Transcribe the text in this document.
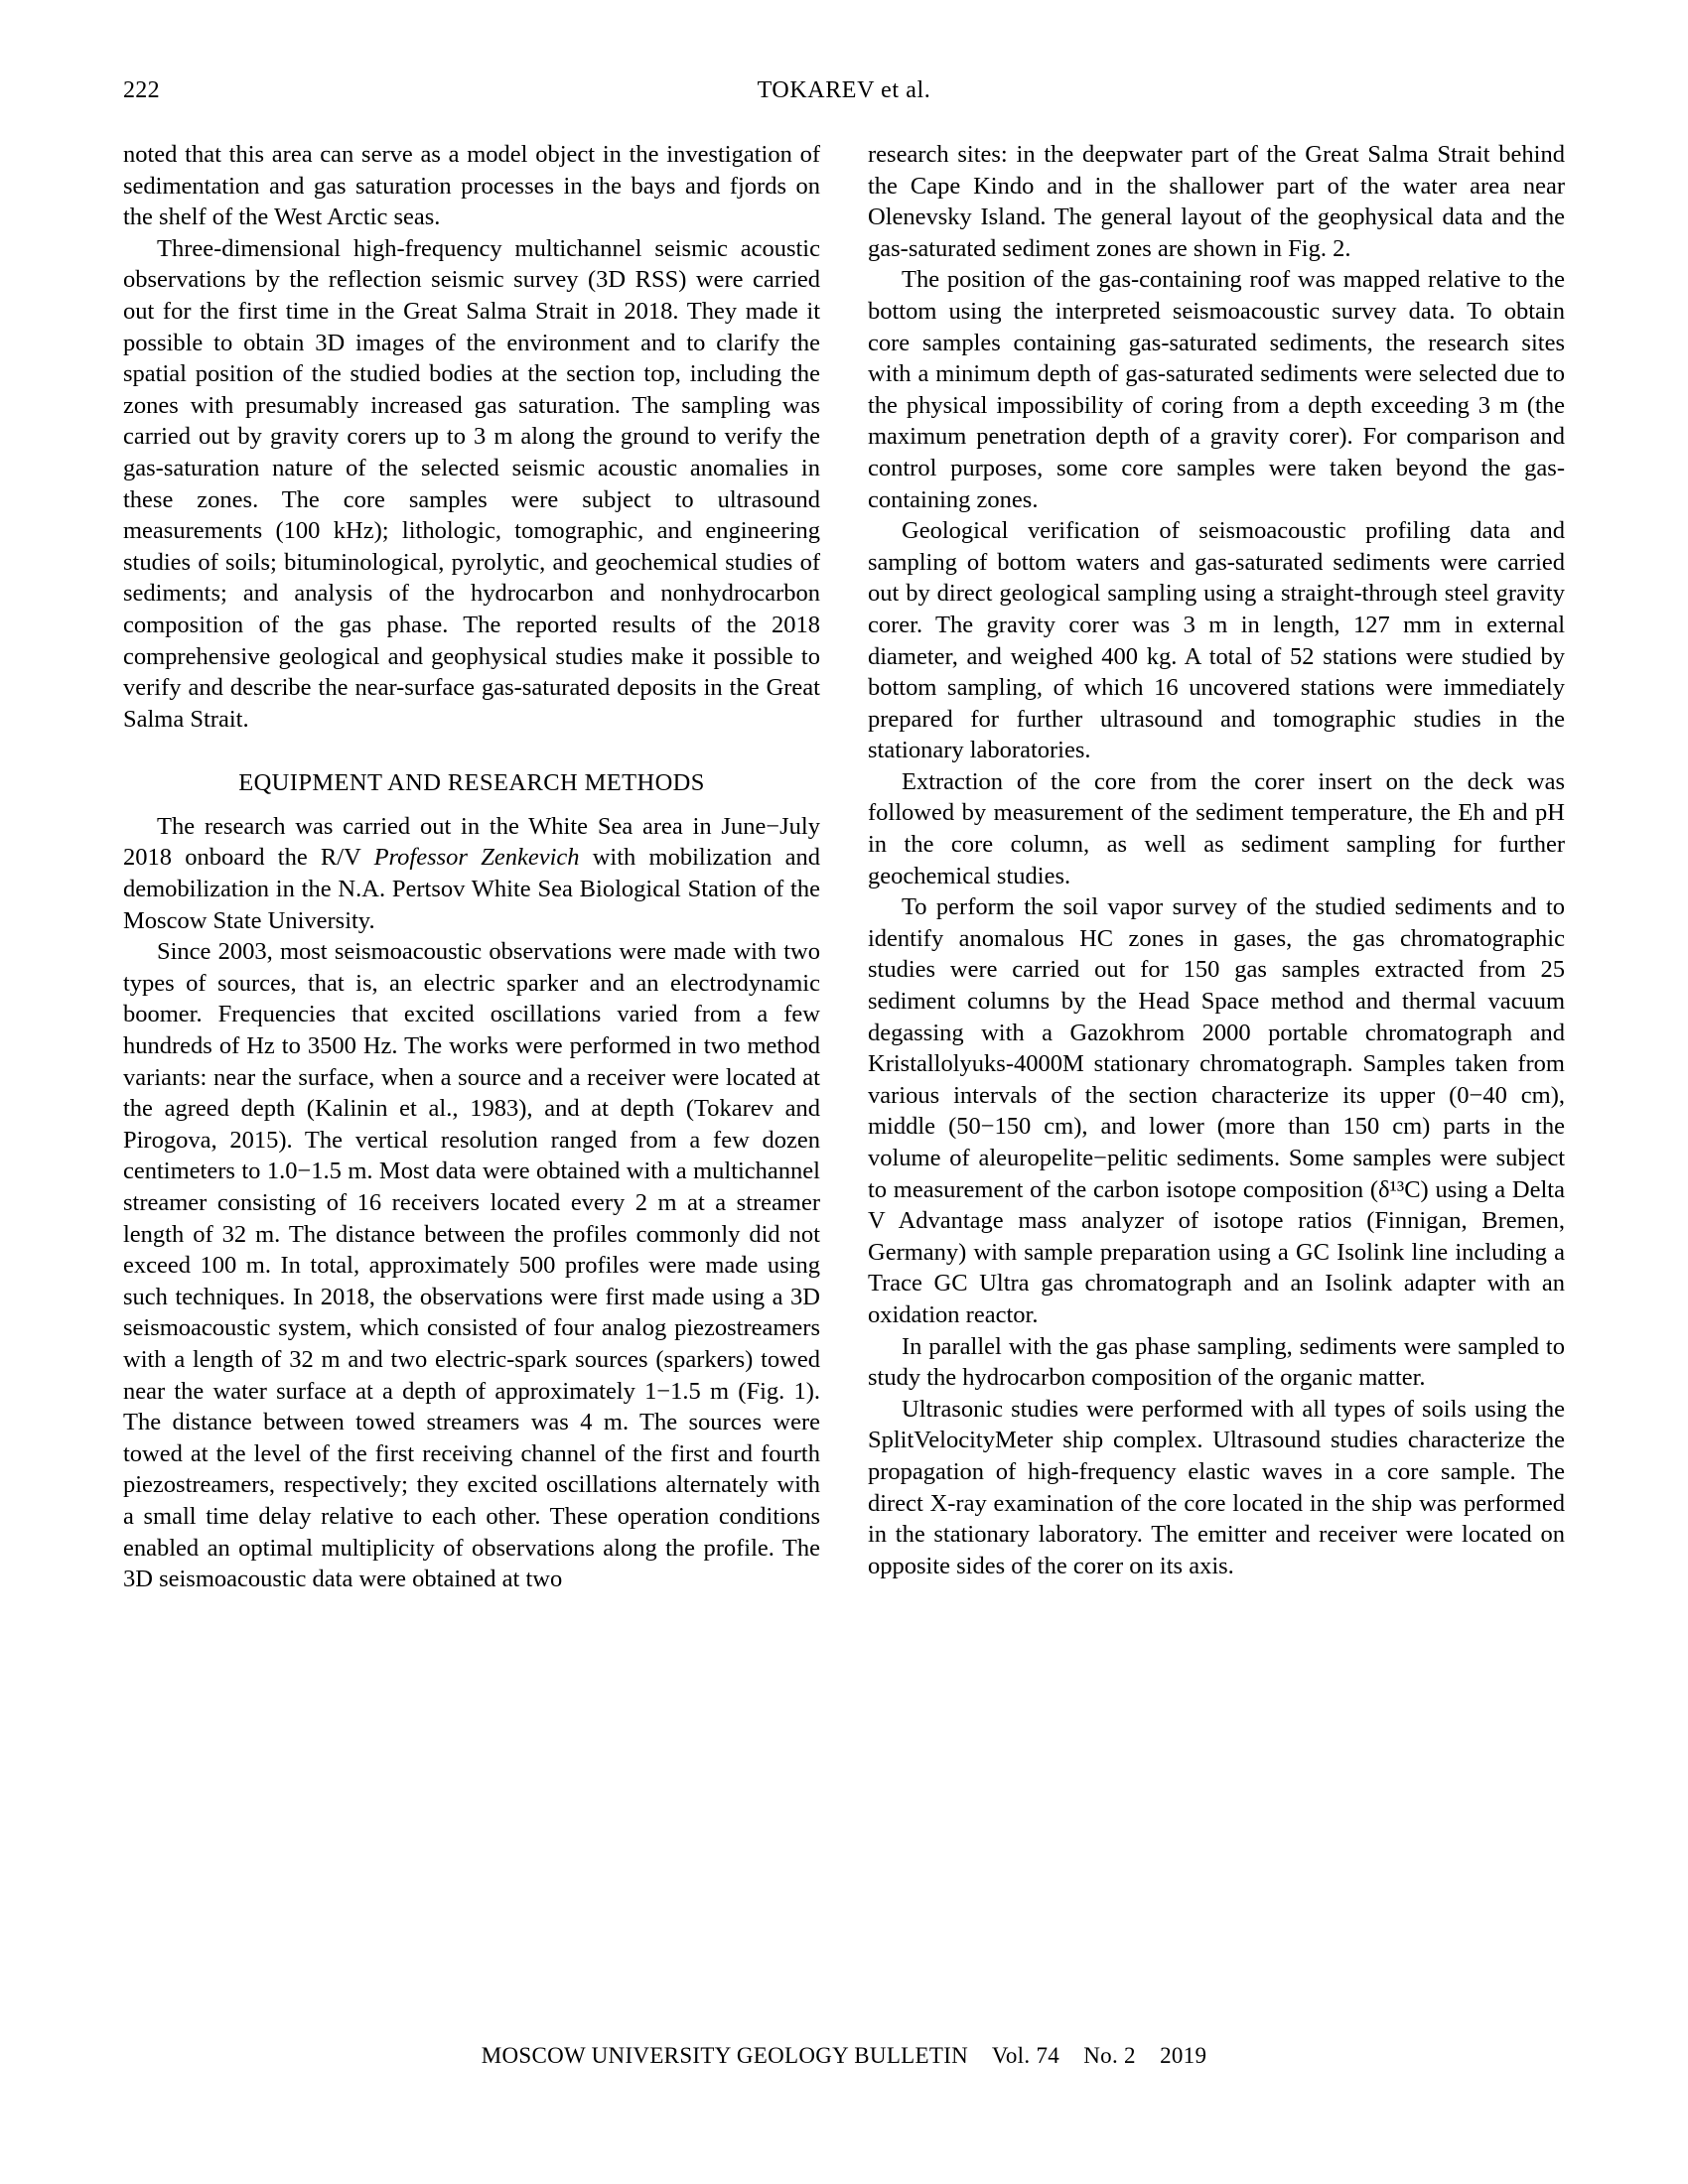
222	TOKAREV et al.

noted that this area can serve as a model object in the investigation of sedimentation and gas saturation processes in the bays and fjords on the shelf of the West Arctic seas.

Three-dimensional high-frequency multichannel seismic acoustic observations by the reflection seismic survey (3D RSS) were carried out for the first time in the Great Salma Strait in 2018. They made it possible to obtain 3D images of the environment and to clarify the spatial position of the studied bodies at the section top, including the zones with presumably increased gas saturation. The sampling was carried out by gravity corers up to 3 m along the ground to verify the gas-saturation nature of the selected seismic acoustic anomalies in these zones. The core samples were subject to ultrasound measurements (100 kHz); lithologic, tomographic, and engineering studies of soils; bituminological, pyrolytic, and geochemical studies of sediments; and analysis of the hydrocarbon and nonhydrocarbon composition of the gas phase. The reported results of the 2018 comprehensive geological and geophysical studies make it possible to verify and describe the near-surface gas-saturated deposits in the Great Salma Strait.

EQUIPMENT AND RESEARCH METHODS

The research was carried out in the White Sea area in June−July 2018 onboard the R/V Professor Zenkevich with mobilization and demobilization in the N.A. Pertsov White Sea Biological Station of the Moscow State University.

Since 2003, most seismoacoustic observations were made with two types of sources, that is, an electric sparker and an electrodynamic boomer. Frequencies that excited oscillations varied from a few hundreds of Hz to 3500 Hz. The works were performed in two method variants: near the surface, when a source and a receiver were located at the agreed depth (Kalinin et al., 1983), and at depth (Tokarev and Pirogova, 2015). The vertical resolution ranged from a few dozen centimeters to 1.0−1.5 m. Most data were obtained with a multichannel streamer consisting of 16 receivers located every 2 m at a streamer length of 32 m. The distance between the profiles commonly did not exceed 100 m. In total, approximately 500 profiles were made using such techniques. In 2018, the observations were first made using a 3D seismoacoustic system, which consisted of four analog piezostreamers with a length of 32 m and two electric-spark sources (sparkers) towed near the water surface at a depth of approximately 1−1.5 m (Fig. 1). The distance between towed streamers was 4 m. The sources were towed at the level of the first receiving channel of the first and fourth piezostreamers, respectively; they excited oscillations alternately with a small time delay relative to each other. These operation conditions enabled an optimal multiplicity of observations along the profile. The 3D seismoacoustic data were obtained at two

research sites: in the deepwater part of the Great Salma Strait behind the Cape Kindo and in the shallower part of the water area near Olenevsky Island. The general layout of the geophysical data and the gas-saturated sediment zones are shown in Fig. 2.

The position of the gas-containing roof was mapped relative to the bottom using the interpreted seismoacoustic survey data. To obtain core samples containing gas-saturated sediments, the research sites with a minimum depth of gas-saturated sediments were selected due to the physical impossibility of coring from a depth exceeding 3 m (the maximum penetration depth of a gravity corer). For comparison and control purposes, some core samples were taken beyond the gas-containing zones.

Geological verification of seismoacoustic profiling data and sampling of bottom waters and gas-saturated sediments were carried out by direct geological sampling using a straight-through steel gravity corer. The gravity corer was 3 m in length, 127 mm in external diameter, and weighed 400 kg. A total of 52 stations were studied by bottom sampling, of which 16 uncovered stations were immediately prepared for further ultrasound and tomographic studies in the stationary laboratories.

Extraction of the core from the corer insert on the deck was followed by measurement of the sediment temperature, the Eh and pH in the core column, as well as sediment sampling for further geochemical studies.

To perform the soil vapor survey of the studied sediments and to identify anomalous HC zones in gases, the gas chromatographic studies were carried out for 150 gas samples extracted from 25 sediment columns by the Head Space method and thermal vacuum degassing with a Gazokhrom 2000 portable chromatograph and Kristallolyuks-4000M stationary chromatograph. Samples taken from various intervals of the section characterize its upper (0−40 cm), middle (50−150 cm), and lower (more than 150 cm) parts in the volume of aleuropelite−pelitic sediments. Some samples were subject to measurement of the carbon isotope composition (δ¹³C) using a Delta V Advantage mass analyzer of isotope ratios (Finnigan, Bremen, Germany) with sample preparation using a GC Isolink line including a Trace GC Ultra gas chromatograph and an Isolink adapter with an oxidation reactor.

In parallel with the gas phase sampling, sediments were sampled to study the hydrocarbon composition of the organic matter.

Ultrasonic studies were performed with all types of soils using the SplitVelocityMeter ship complex. Ultrasound studies characterize the propagation of high-frequency elastic waves in a core sample. The direct X-ray examination of the core located in the ship was performed in the stationary laboratory. The emitter and receiver were located on opposite sides of the corer on its axis.

MOSCOW UNIVERSITY GEOLOGY BULLETIN Vol. 74 No. 2 2019
